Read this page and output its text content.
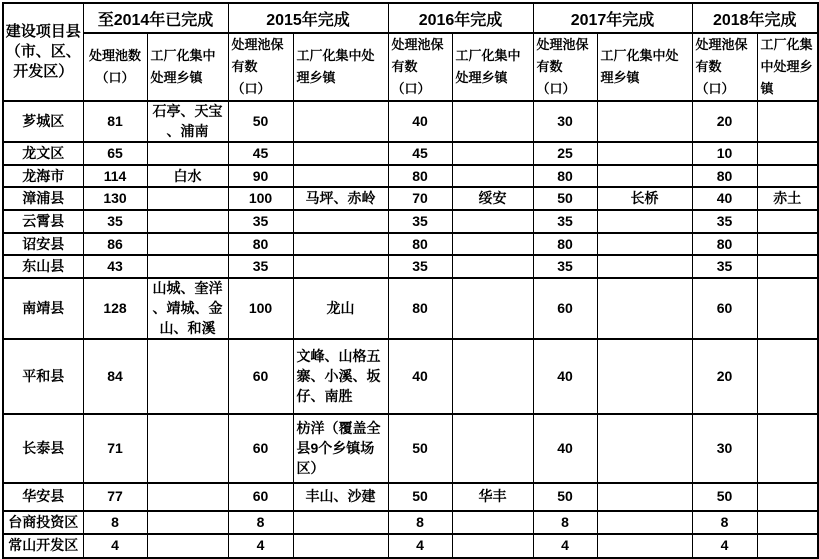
建设项目县（市、区、开发区）	至2014年已完成		2015年完成		2016年完成		2017年完成		2018年完成	
	处理池数（口）	工厂化集中处理乡镇	处理池保有数（口）	工厂化集中处理乡镇	处理池保有数（口）	工厂化集中处理乡镇	处理池保有数（口）	工厂化集中处理乡镇	处理池保有数（口）	工厂化集中处理乡镇
芗城区	81	石亭、天宝、浦南	50		40		30		20	
龙文区	65		45		45		25		10	
龙海市	114	白水	90		80		80		80	
漳浦县	130		100	马坪、赤岭	70	绥安	50	长桥	40	赤土
云霄县	35		35		35		35		35	
诏安县	86		80		80		80		80	
东山县	43		35		35		35		35	
南靖县	128	山城、奎洋、靖城、金山、和溪	100	龙山	80		60		60	
平和县	84		60	文峰、山格五寨、小溪、坂仔、南胜	40		40		20	
长泰县	71		60	枋洋（覆盖全县9个乡镇场区）	50		40		30	
华安县	77		60	丰山、沙建	50	华丰	50		50	
台商投资区	8		8		8		8		8	
常山开发区	4		4		4		4		4	
